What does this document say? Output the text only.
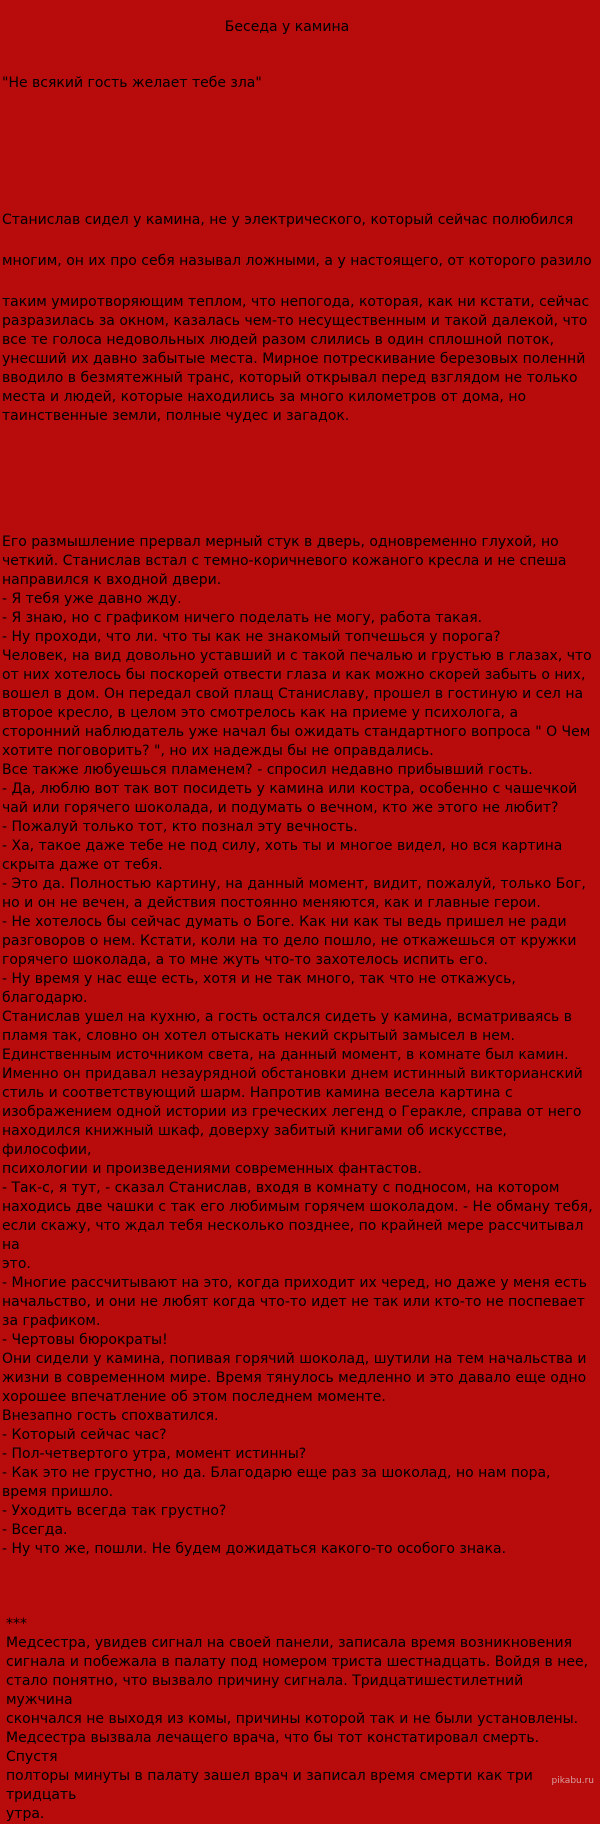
Беседа у камина

"Не всякий гость желает тебе зла"

Станислав сидел у камина, не у электрического, который сейчас полюбился

многим, он их про себя называл ложными, а у настоящего, от которого разило

таким умиротворяющим теплом, что непогода, которая, как ни кстати, сейчас
разразилась за окном, казалась чем-то несущественным и такой далекой, что
все те голоса недовольных людей разом слились в один сплошной поток,
унесший их давно забытые места. Мирное потрескивание березовых поленнй
вводило в безмятежный транс, который открывал перед взглядом не только
места и людей, которые находились за много километров от дома, но
таинственные земли, полные чудес и загадок.

Его размышление прервал мерный стук в дверь, одновременно глухой, но
четкий. Станислав встал с темно-коричневого кожаного кресла и не спеша
направился к входной двери.
- Я тебя уже давно жду.
- Я знаю, но с графиком ничего поделать не могу, работа такая.
- Ну проходи, что ли. что ты как не знакомый топчешься у порога?
Человек, на вид довольно уставший и с такой печалью и грустью в глазах, что
от них хотелось бы поскорей отвести глаза и как можно скорей забыть о них,
вошел в дом. Он передал свой плащ Станиславу, прошел в гостиную и сел на
второе кресло, в целом это смотрелось как на приеме у психолога, а
сторонний наблюдатель уже начал бы ожидать стандартного вопроса " О Чем
хотите поговорить? ", но их надежды бы не оправдались.
Все также любуешься пламенем? - спросил недавно прибывший гость.
- Да, люблю вот так вот посидеть у камина или костра, особенно с чашечкой
чай или горячего шоколада, и подумать о вечном, кто же этого не любит?
- Пожалуй только тот, кто познал эту вечность.
- Ха, такое даже тебе не под силу, хоть ты и многое видел, но вся картина
скрыта даже от тебя.
- Это да. Полностью картину, на данный момент, видит, пожалуй, только Бог,
но и он не вечен, а действия постоянно меняются, как и главные герои.
- Не хотелось бы сейчас думать о Боге. Как ни как ты ведь пришел не ради
разговоров о нем. Кстати, коли на то дело пошло, не откажешься от кружки
горячего шоколада, а то мне жуть что-то захотелось испить его.
- Ну время у нас еще есть, хотя и не так много, так что не откажусь,
благодарю.
Станислав ушел на кухню, а гость остался сидеть у камина, всматриваясь в
пламя так, словно он хотел отыскать некий скрытый замысел в нем.
Единственным источником света, на данный момент, в комнате был камин.
Именно он придавал незаурядной обстановки днем истинный викторианский
стиль и соответствующий шарм. Напротив камина весела картина с
изображением одной истории из греческих легенд о Геракле, справа от него
находился книжный шкаф, доверху забитый книгами об искусстве, философии,
психологии и произведениями современных фантастов.
- Так-с, я тут, - сказал Станислав, входя в комнату с подносом, на котором
находись две чашки с так его любимым горячем шоколадом. - Не обману тебя,
если скажу, что ждал тебя несколько позднее, по крайней мере рассчитывал на
это.
- Многие рассчитывают на это, когда приходит их черед, но даже у меня есть
начальство, и они не любят когда что-то идет не так или кто-то не поспевает
за графиком.
- Чертовы бюрократы!
Они сидели у камина, попивая горячий шоколад, шутили на тем начальства и
жизни в современном мире. Время тянулось медленно и это давало еще одно
хорошее впечатление об этом последнем моменте.
Внезапно гость спохватился.
- Который сейчас час?
- Пол-четвертого утра, момент истинны?
- Как это не грустно, но да. Благодарю еще раз за шоколад, но нам пора,
время пришло.
- Уходить всегда так грустно?
- Всегда.
- Ну что же, пошли. Не будем дожидаться какого-то особого знака.

***
Медсестра, увидев сигнал на своей панели, записала время возникновения
сигнала и побежала в палату под номером триста шестнадцать. Войдя в нее,
стало понятно, что вызвало причину сигнала. Тридцатишестилетний мужчина
скончался не выходя из комы, причины которой так и не были установлены.
Медсестра вызвала лечащего врача, что бы тот констатировал смерть. Спустя
полторы минуты в палату зашел врач и записал время смерти как три тридцать
утра.

pikabu.ru
